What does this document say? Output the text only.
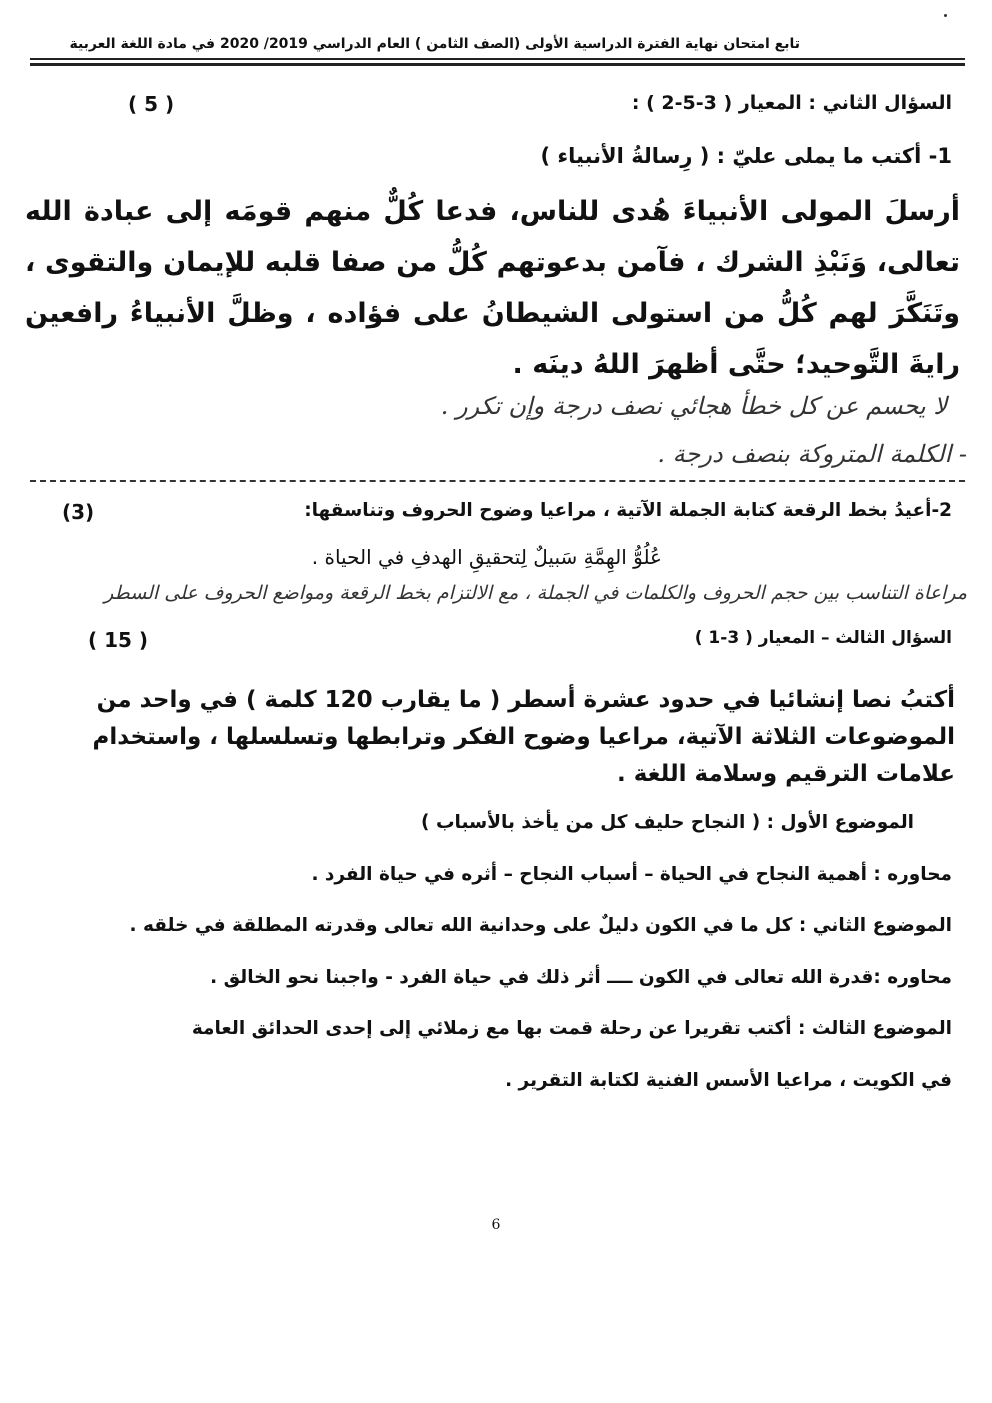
تابع امتحان نهاية الفترة الدراسية الأولى (الصف الثامن ) العام الدراسي 2019/ 2020 في مادة اللغة العربية
السؤال الثاني : المعيار ( 3-5-2 ) :
( 5 )
1- أكتب ما يملى عليّ : ( رِسالةُ الأنبياء )
أرسلَ المولى الأنبياءَ هُدى للناس، فدعا كُلٌّ منهم قومَه إلى عبادة الله تعالى، وَنَبْذِ الشرك ، فآمن بدعوتهم كُلُّ من صفا قلبه للإيمان والتقوى ، وتَنَكَّرَ لهم كُلُّ من استولى الشيطانُ على فؤاده ، وظلَّ الأنبياءُ رافعين رايةَ التَّوحيد؛ حتَّى أظهرَ اللهُ دينَه .
لا يحسم عن كل خطأ هجائي نصف درجة وإن تكرر .
- الكلمة المتروكة بنصف درجة .
2-أعيدُ بخط الرقعة كتابة الجملة الآتية ، مراعيا وضوح الحروف وتناسقها:
(3)
عُلُوُّ الهِمَّةِ سَبيلٌ لِتحقيقِ الهدفِ في الحياة .
مراعاة التناسب بين حجم الحروف والكلمات في الجملة ، مع الالتزام بخط الرقعة ومواضع الحروف على السطر
السؤال الثالث – المعيار ( 3-1 )
( 15 )
أكتبُ نصا إنشائيا في حدود عشرة أسطر ( ما يقارب 120 كلمة ) في واحد من الموضوعات الثلاثة الآتية، مراعيا وضوح الفكر وترابطها وتسلسلها ، واستخدام علامات الترقيم وسلامة اللغة .
الموضوع الأول : ( النجاح حليف كل من يأخذ بالأسباب )
محاوره : أهمية النجاح في الحياة – أسباب النجاح – أثره في حياة الفرد .
الموضوع الثاني : كل ما في الكون دليلٌ على وحدانية الله تعالى وقدرته المطلقة في خلقه .
محاوره :قدرة الله تعالى في الكون ــــ أثر ذلك في حياة الفرد - واجبنا نحو الخالق .
الموضوع الثالث : أكتب تقريرا عن رحلة قمت بها مع زملائي إلى إحدى الحدائق العامة
في الكويت ، مراعيا الأسس الفنية لكتابة التقرير .
6
